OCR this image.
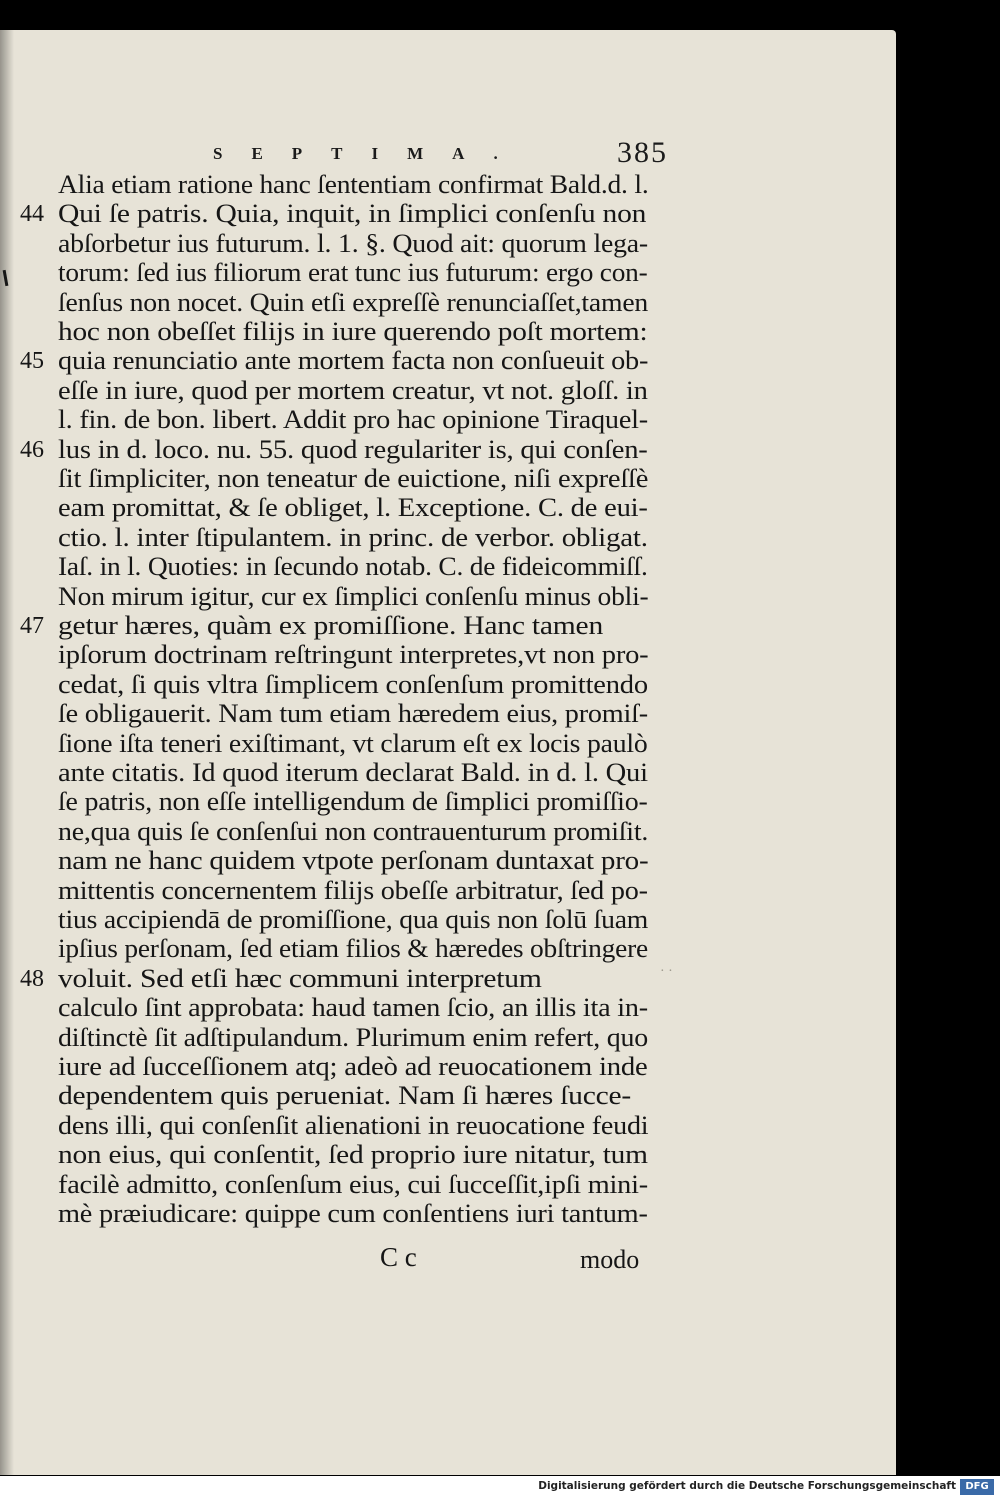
SEPTIMA.	385
Alia etiam ratione hanc ſententiam confirmat Bald.d. l.
Qui ſe patris. Quia, inquit, in ſimplici conſenſu non
abſorbetur ius futurum. l. 1. §. Quod ait: quorum lega-
torum: ſed ius filiorum erat tunc ius futurum: ergo con-
ſenſus non nocet. Quin etſi expreſſè renunciaſſet,tamen
hoc non obeſſet filijs in iure querendo poſt mortem:
quia renunciatio ante mortem facta non conſueuit ob-
eſſe in iure, quod per mortem creatur, vt not. gloſſ. in
l. fin. de bon. libert. Addit pro hac opinione Tiraquel-
lus in d. loco. nu. 55. quod regulariter is, qui conſen-
ſit ſimpliciter, non teneatur de euictione, niſi expreſſè
eam promittat, & ſe obliget, l. Exceptione. C. de eui-
ctio. l. inter ſtipulantem. in princ. de verbor. obligat.
Iaſ. in l. Quoties: in ſecundo notab. C. de fideicommiſſ.
Non mirum igitur, cur ex ſimplici conſenſu minus obli-
getur hæres, quàm ex promiſſione. Hanc tamen
ipſorum doctrinam reſtringunt interpretes,vt non pro-
cedat, ſi quis vltra ſimplicem conſenſum promittendo
ſe obligauerit. Nam tum etiam hæredem eius, promiſ-
ſione iſta teneri exiſtimant, vt clarum eſt ex locis paulò
ante citatis. Id quod iterum declarat Bald. in d. l. Qui
ſe patris, non eſſe intelligendum de ſimplici promiſſio-
ne,qua quis ſe conſenſui non contrauenturum promiſit.
nam ne hanc quidem vtpote perſonam duntaxat pro-
mittentis concernentem filijs obeſſe arbitratur, ſed po-
tius accipiendā de promiſſione, qua quis non ſolū ſuam
ipſius perſonam, ſed etiam filios & hæredes obſtringere
voluit. Sed etſi hæc communi interpretum
calculo ſint approbata: haud tamen ſcio, an illis ita in-
diſtinctè ſit adſtipulandum. Plurimum enim refert, quo
iure ad ſucceſſionem atq; adeò ad reuocationem inde
dependentem quis perueniat. Nam ſi hæres ſucce-
dens illi, qui conſenſit alienationi in reuocatione feudi
non eius, qui conſentit, ſed proprio iure nitatur, tum
facilè admitto, conſenſum eius, cui ſucceſſit,ipſi mini-
mè præiudicare: quippe cum conſentiens iuri tantum-
44
45
46
47
48	· ·
C c	modo
Digitalisierung gefördert durch die Deutsche Forschungsgemeinschaft DFG
